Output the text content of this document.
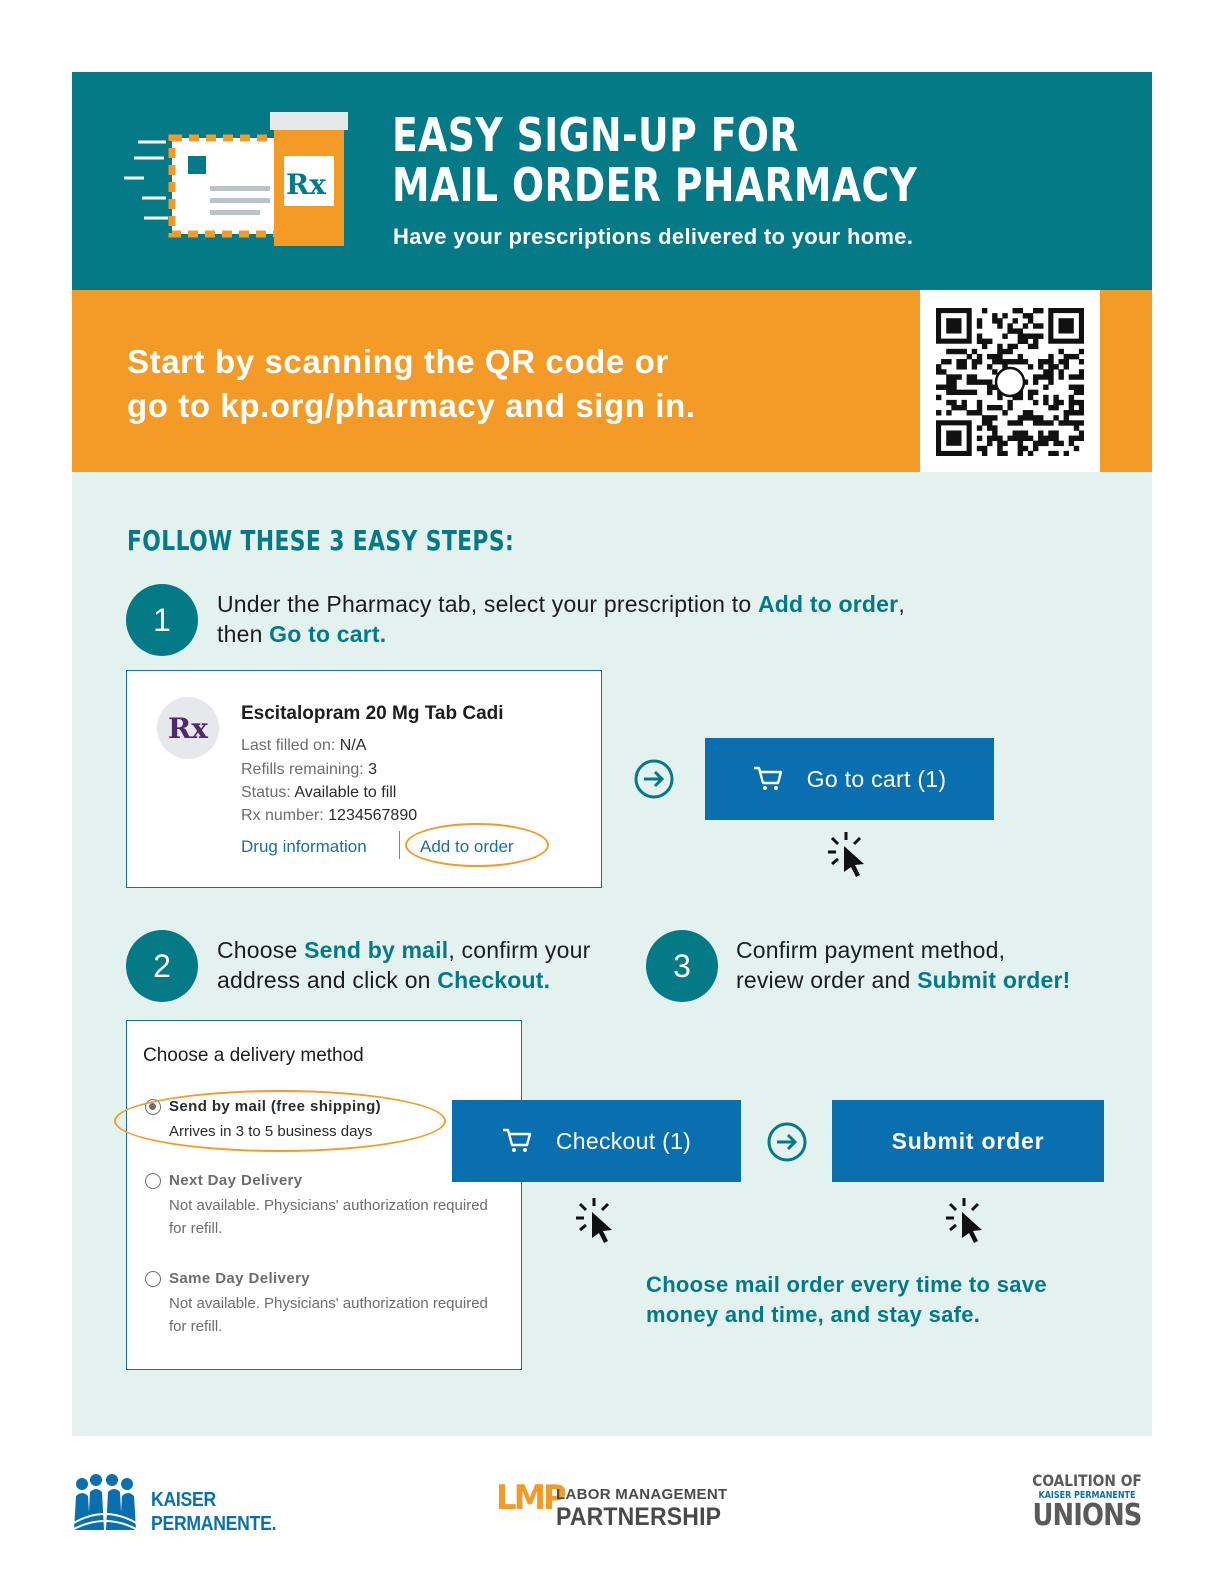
Rx
EASY SIGN-UP FOR
MAIL ORDER PHARMACY
Have your prescriptions delivered to your home.
Start by scanning the QR code or
go to kp.org/pharmacy and sign in.
FOLLOW THESE 3 EASY STEPS:
1	Under the Pharmacy tab, select your prescription to Add to order,
then Go to cart.
Rx	Escitalopram 20 Mg Tab Cadi
Last filled on: N/A
Refills remaining: 3
Status: Available to fill
Rx number: 1234567890
Drug information	Add to order
Go to cart (1)
2	Choose Send by mail, confirm your
address and click on Checkout.	3	Confirm payment method,
review order and Submit order!
Choose a delivery method
Send by mail (free shipping)
Arrives in 3 to 5 business days
Next Day Delivery
Not available. Physicians' authorization required for refill.
Same Day Delivery
Not available. Physicians' authorization required for refill.
Checkout (1)	Submit order
Choose mail order every time to save money and time, and stay safe.
KAISER
PERMANENTE.
LMP
LABOR MANAGEMENT
PARTNERSHIP
COALITION OF
KAISER PERMANENTE
UNIONS
